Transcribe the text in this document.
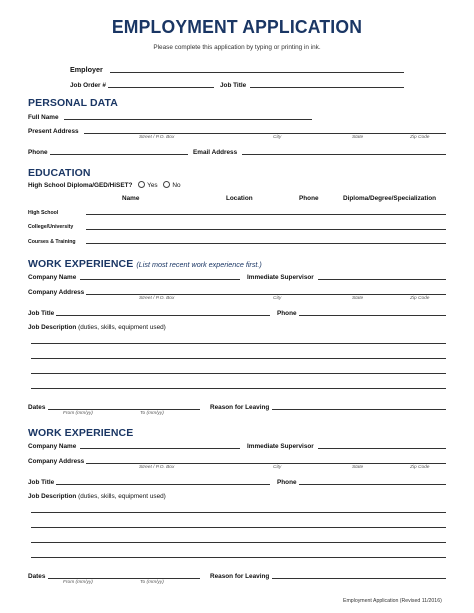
EMPLOYMENT APPLICATION
Please complete this application by typing or printing in ink.
Employer
Job Order #	Job Title
PERSONAL DATA
Full Name
Present Address
Street / P.O. Box	City	State	Zip Code
Phone	Email Address
EDUCATION
High School Diploma/GED/HiSET? Yes No
Name	Location	Phone	Diploma/Degree/Specialization
High School
College/University
Courses & Training
WORK EXPERIENCE (List most recent work experience first.)
Company Name	Immediate Supervisor
Company Address
Street / P.O. Box	City	State	Zip Code
Job Title	Phone
Job Description (duties, skills, equipment used)
Dates
From (mm/yy)	To (mm/yy)
Reason for Leaving
WORK EXPERIENCE
Company Name	Immediate Supervisor
Company Address
Street / P.O. Box	City	State	Zip Code
Job Title	Phone
Job Description (duties, skills, equipment used)
Dates
From (mm/yy)	To (mm/yy)
Reason for Leaving
Employment Application (Revised 11/2016)
